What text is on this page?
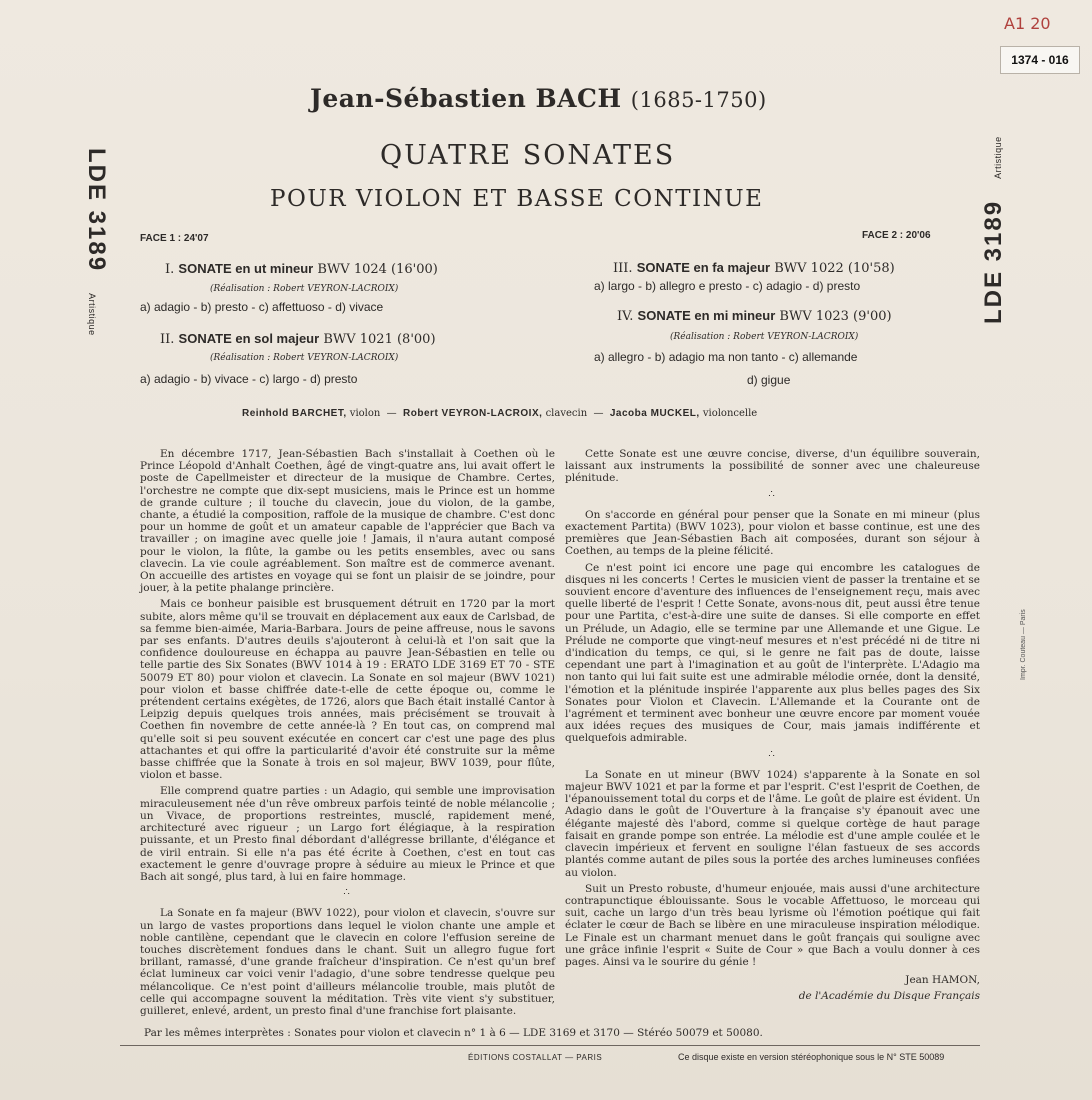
A1 20
1374 - 016
Jean-Sébastien BACH (1685-1750)
QUATRE SONATES
POUR VIOLON ET BASSE CONTINUE
LDE 3189 Artistique	LDE 3189 Artistique
Impr. Couteau — Paris
FACE 1 : 24'07
I. SONATE en ut mineur BWV 1024 (16'00)
(Réalisation : Robert VEYRON-LACROIX)
a) adagio - b) presto - c) affettuoso - d) vivace
II. SONATE en sol majeur BWV 1021 (8'00)
(Réalisation : Robert VEYRON-LACROIX)
a) adagio - b) vivace - c) largo - d) presto
FACE 2 : 20'06
III. SONATE en fa majeur BWV 1022 (10'58)
a) largo - b) allegro e presto - c) adagio - d) presto
IV. SONATE en mi mineur BWV 1023 (9'00)
(Réalisation : Robert VEYRON-LACROIX)
a) allegro - b) adagio ma non tanto - c) allemande
d) gigue
Reinhold BARCHET, violon  —  Robert VEYRON-LACROIX, clavecin  —  Jacoba MUCKEL, violoncelle

En décembre 1717, Jean-Sébastien Bach s'installait à Coethen où le Prince Léopold d'Anhalt Coethen, âgé de vingt-quatre ans, lui avait offert le poste de Capellmeister et directeur de la musique de Chambre. Certes, l'orchestre ne compte que dix-sept musiciens, mais le Prince est un homme de grande culture ; il touche du clavecin, joue du violon, de la gambe, chante, a étudié la composition, raffole de la musique de chambre. C'est donc pour un homme de goût et un amateur capable de l'apprécier que Bach va travailler ; on imagine avec quelle joie ! Jamais, il n'aura autant composé pour le violon, la flûte, la gambe ou les petits ensembles, avec ou sans clavecin. La vie coule agréablement. Son maître est de commerce avenant. On accueille des artistes en voyage qui se font un plaisir de se joindre, pour jouer, à la petite phalange princière.

Mais ce bonheur paisible est brusquement détruit en 1720 par la mort subite, alors même qu'il se trouvait en déplacement aux eaux de Carlsbad, de sa femme bien-aimée, Maria-Barbara. Jours de peine affreuse, nous le savons par ses enfants. D'autres deuils s'ajouteront à celui-là et l'on sait que la confidence douloureuse en échappa au pauvre Jean-Sébastien en telle ou telle partie des Six Sonates (BWV 1014 à 19 : ERATO LDE 3169 ET 70 - STE 50079 ET 80) pour violon et clavecin. La Sonate en sol majeur (BWV 1021) pour violon et basse chiffrée date-t-elle de cette époque ou, comme le prétendent certains exégètes, de 1726, alors que Bach était installé Cantor à Leipzig depuis quelques trois années, mais précisément se trouvait à Coethen fin novembre de cette année-là ? En tout cas, on comprend mal qu'elle soit si peu souvent exécutée en concert car c'est une page des plus attachantes et qui offre la particularité d'avoir été construite sur la même basse chiffrée que la Sonate à trois en sol majeur, BWV 1039, pour flûte, violon et basse.

Elle comprend quatre parties : un Adagio, qui semble une improvisation miraculeusement née d'un rêve ombreux parfois teinté de noble mélancolie ; un Vivace, de proportions restreintes, musclé, rapidement mené, architecturé avec rigueur ; un Largo fort élégiaque, à la respiration puissante, et un Presto final débordant d'allégresse brillante, d'élégance et de viril entrain. Si elle n'a pas été écrite à Coethen, c'est en tout cas exactement le genre d'ouvrage propre à séduire au mieux le Prince et que Bach ait songé, plus tard, à lui en faire hommage.

∴

La Sonate en fa majeur (BWV 1022), pour violon et clavecin, s'ouvre sur un largo de vastes proportions dans lequel le violon chante une ample et noble cantilène, cependant que le clavecin en colore l'effusion sereine de touches discrètement fondues dans le chant. Suit un allegro fugue fort brillant, ramassé, d'une grande fraîcheur d'inspiration. Ce n'est qu'un bref éclat lumineux car voici venir l'adagio, d'une sobre tendresse quelque peu mélancolique. Ce n'est point d'ailleurs mélancolie trouble, mais plutôt de celle qui accompagne souvent la méditation. Très vite vient s'y substituer, guilleret, enlevé, ardent, un presto final d'une franchise fort plaisante.

Cette Sonate est une œuvre concise, diverse, d'un équilibre souverain, laissant aux instruments la possibilité de sonner avec une chaleureuse plénitude.

∴

On s'accorde en général pour penser que la Sonate en mi mineur (plus exactement Partita) (BWV 1023), pour violon et basse continue, est une des premières que Jean-Sébastien Bach ait composées, durant son séjour à Coethen, au temps de la pleine félicité.

Ce n'est point ici encore une page qui encombre les catalogues de disques ni les concerts ! Certes le musicien vient de passer la trentaine et se souvient encore d'aventure des influences de l'enseignement reçu, mais avec quelle liberté de l'esprit ! Cette Sonate, avons-nous dit, peut aussi être tenue pour une Partita, c'est-à-dire une suite de danses. Si elle comporte en effet un Prélude, un Adagio, elle se termine par une Allemande et une Gigue. Le Prélude ne comporte que vingt-neuf mesures et n'est précédé ni de titre ni d'indication du temps, ce qui, si le genre ne fait pas de doute, laisse cependant une part à l'imagination et au goût de l'interprète. L'Adagio ma non tanto qui lui fait suite est une admirable mélodie ornée, dont la densité, l'émotion et la plénitude inspirée l'apparente aux plus belles pages des Six Sonates pour Violon et Clavecin. L'Allemande et la Courante ont de l'agrément et terminent avec bonheur une œuvre encore par moment vouée aux idées reçues des musiques de Cour, mais jamais indifférente et quelquefois admirable.

∴

La Sonate en ut mineur (BWV 1024) s'apparente à la Sonate en sol majeur BWV 1021 et par la forme et par l'esprit. C'est l'esprit de Coethen, de l'épanouissement total du corps et de l'âme. Le goût de plaire est évident. Un Adagio dans le goût de l'Ouverture à la française s'y épanouit avec une élégante majesté dès l'abord, comme si quelque cortège de haut parage faisait en grande pompe son entrée. La mélodie est d'une ample coulée et le clavecin impérieux et fervent en souligne l'élan fastueux de ses accords plantés comme autant de piles sous la portée des arches lumineuses confiées au violon.

Suit un Presto robuste, d'humeur enjouée, mais aussi d'une architecture contrapunctique éblouissante. Sous le vocable Affettuoso, le morceau qui suit, cache un largo d'un très beau lyrisme où l'émotion poétique qui fait éclater le cœur de Bach se libère en une miraculeuse inspiration mélodique. Le Finale est un charmant menuet dans le goût français qui souligne avec une grâce infinie l'esprit « Suite de Cour » que Bach a voulu donner à ces pages. Ainsi va le sourire du génie !

Jean HAMON,

de l'Académie du Disque Français

Par les mêmes interprètes : Sonates pour violon et clavecin n° 1 à 6 — LDE 3169 et 3170 — Stéréo 50079 et 50080.
ÉDITIONS COSTALLAT — PARIS	Ce disque existe en version stéréophonique sous le N° STE 50089
